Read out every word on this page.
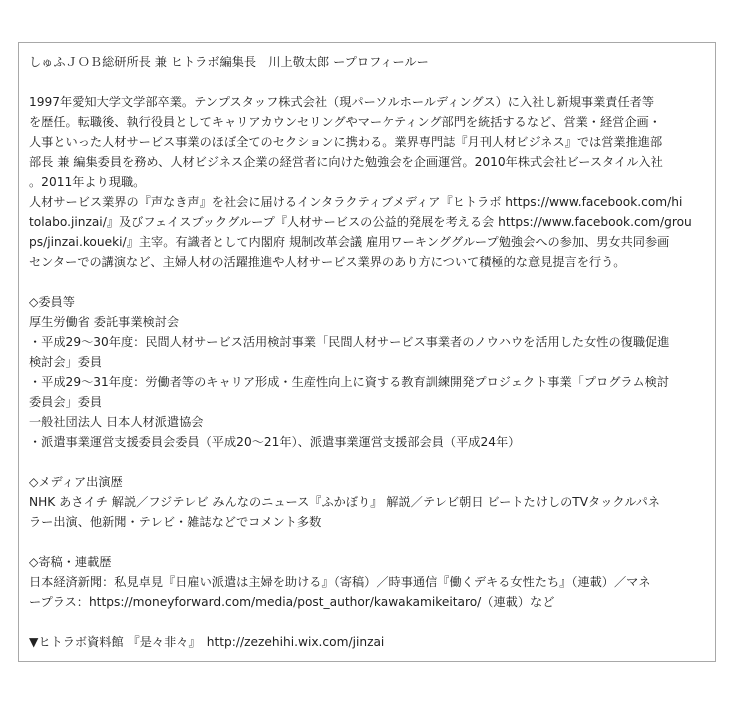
しゅふＪＯＢ総研所長 兼 ヒトラボ編集長　川上敬太郎 ープロフィールー
1997年愛知大学文学部卒業。テンプスタッフ株式会社（現パーソルホールディングス）に入社し新規事業責任者等
を歴任。転職後、執行役員としてキャリアカウンセリングやマーケティング部門を統括するなど、営業・経営企画・
人事といった人材サービス事業のほぼ全てのセクションに携わる。業界専門誌『月刊人材ビジネス』では営業推進部
部長 兼 編集委員を務め、人材ビジネス企業の経営者に向けた勉強会を企画運営。2010年株式会社ビースタイル入社
。2011年より現職。
人材サービス業界の『声なき声』を社会に届けるインタラクティブメディア『ヒトラボ https://www.facebook.com/hi
tolabo.jinzai/』及びフェイスブックグループ『人材サービスの公益的発展を考える会 https://www.facebook.com/grou
ps/jinzai.koueki/』主宰。有識者として内閣府 規制改革会議 雇用ワーキンググループ勉強会への参加、男女共同参画
センターでの講演など、主婦人材の活躍推進や人材サービス業界のあり方について積極的な意見提言を行う。
◇委員等
厚生労働省 委託事業検討会
・平成29～30年度：民間人材サービス活用検討事業「民間人材サービス事業者のノウハウを活用した女性の復職促進
検討会」委員
・平成29～31年度：労働者等のキャリア形成・生産性向上に資する教育訓練開発プロジェクト事業「プログラム検討
委員会」委員
一般社団法人 日本人材派遣協会
・派遣事業運営支援委員会委員（平成20～21年）、派遣事業運営支援部会員（平成24年）
◇メディア出演歴
NHK あさイチ 解説／フジテレビ みんなのニュース『ふかぼり』 解説／テレビ朝日 ビートたけしのTVタックルパネ
ラー出演、他新聞・テレビ・雑誌などでコメント多数
◇寄稿・連載歴
日本経済新聞：私見卓見『日雇い派遣は主婦を助ける』（寄稿）／時事通信『働くデキる女性たち』（連載）／マネ
ープラス：https://moneyforward.com/media/post_author/kawakamikeitaro/（連載）など
▼ヒトラボ資料館 『是々非々』　http://zezehihi.wix.com/jinzai
